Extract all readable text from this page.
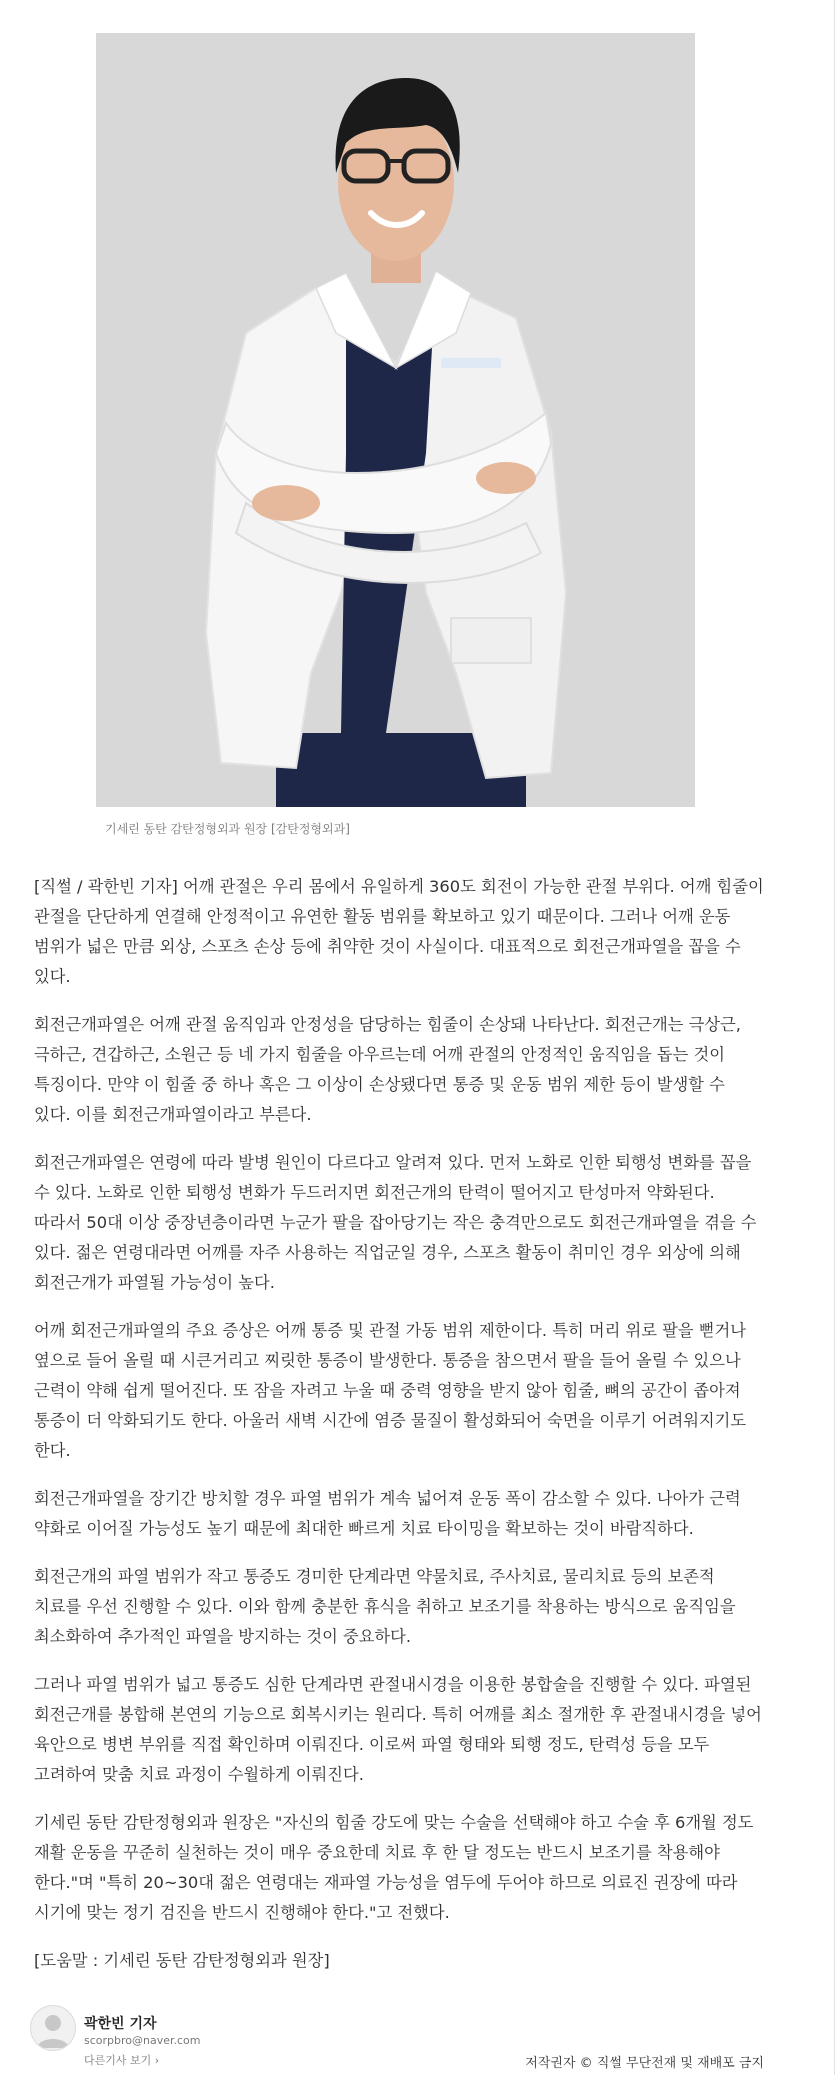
기세린 동탄 감탄정형외과 원장 [감탄정형외과]

[직썰 / 곽한빈 기자] 어깨 관절은 우리 몸에서 유일하게 360도 회전이 가능한 관절 부위다. 어깨 힘줄이 관절을 단단하게 연결해 안정적이고 유연한 활동 범위를 확보하고 있기 때문이다. 그러나 어깨 운동 범위가 넓은 만큼 외상, 스포츠 손상 등에 취약한 것이 사실이다. 대표적으로 회전근개파열을 꼽을 수 있다.

회전근개파열은 어깨 관절 움직임과 안정성을 담당하는 힘줄이 손상돼 나타난다. 회전근개는 극상근, 극하근, 견갑하근, 소원근 등 네 가지 힘줄을 아우르는데 어깨 관절의 안정적인 움직임을 돕는 것이 특징이다. 만약 이 힘줄 중 하나 혹은 그 이상이 손상됐다면 통증 및 운동 범위 제한 등이 발생할 수 있다. 이를 회전근개파열이라고 부른다.

회전근개파열은 연령에 따라 발병 원인이 다르다고 알려져 있다. 먼저 노화로 인한 퇴행성 변화를 꼽을 수 있다. 노화로 인한 퇴행성 변화가 두드러지면 회전근개의 탄력이 떨어지고 탄성마저 약화된다. 따라서 50대 이상 중장년층이라면 누군가 팔을 잡아당기는 작은 충격만으로도 회전근개파열을 겪을 수 있다. 젊은 연령대라면 어깨를 자주 사용하는 직업군일 경우, 스포츠 활동이 취미인 경우 외상에 의해 회전근개가 파열될 가능성이 높다.

어깨 회전근개파열의 주요 증상은 어깨 통증 및 관절 가동 범위 제한이다. 특히 머리 위로 팔을 뻗거나 옆으로 들어 올릴 때 시큰거리고 찌릿한 통증이 발생한다. 통증을 참으면서 팔을 들어 올릴 수 있으나 근력이 약해 쉽게 떨어진다. 또 잠을 자려고 누울 때 중력 영향을 받지 않아 힘줄, 뼈의 공간이 좁아져 통증이 더 악화되기도 한다. 아울러 새벽 시간에 염증 물질이 활성화되어 숙면을 이루기 어려워지기도 한다.

회전근개파열을 장기간 방치할 경우 파열 범위가 계속 넓어져 운동 폭이 감소할 수 있다. 나아가 근력 약화로 이어질 가능성도 높기 때문에 최대한 빠르게 치료 타이밍을 확보하는 것이 바람직하다.

회전근개의 파열 범위가 작고 통증도 경미한 단계라면 약물치료, 주사치료, 물리치료 등의 보존적 치료를 우선 진행할 수 있다. 이와 함께 충분한 휴식을 취하고 보조기를 착용하는 방식으로 움직임을 최소화하여 추가적인 파열을 방지하는 것이 중요하다.

그러나 파열 범위가 넓고 통증도 심한 단계라면 관절내시경을 이용한 봉합술을 진행할 수 있다. 파열된 회전근개를 봉합해 본연의 기능으로 회복시키는 원리다. 특히 어깨를 최소 절개한 후 관절내시경을 넣어 육안으로 병변 부위를 직접 확인하며 이뤄진다. 이로써 파열 형태와 퇴행 정도, 탄력성 등을 모두 고려하여 맞춤 치료 과정이 수월하게 이뤄진다.

기세린 동탄 감탄정형외과 원장은 "자신의 힘줄 강도에 맞는 수술을 선택해야 하고 수술 후 6개월 정도 재활 운동을 꾸준히 실천하는 것이 매우 중요한데 치료 후 한 달 정도는 반드시 보조기를 착용해야 한다."며 "특히 20~30대 젊은 연령대는 재파열 가능성을 염두에 두어야 하므로 의료진 권장에 따라 시기에 맞는 정기 검진을 반드시 진행해야 한다."고 전했다.

[도움말 : 기세린 동탄 감탄정형외과 원장]

곽한빈 기자
scorpbro@naver.com
다른기사 보기 ›	저작권자 © 직썰 무단전재 및 재배포 금지
